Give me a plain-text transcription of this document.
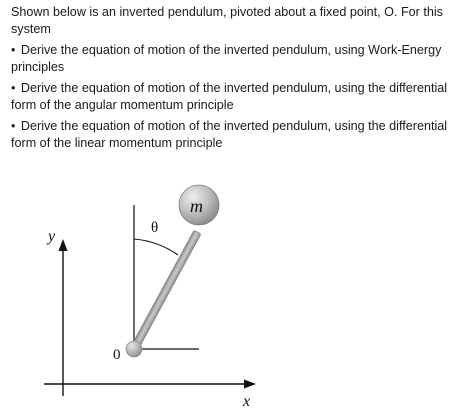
Shown below is an inverted pendulum, pivoted about a fixed point, O. For this system

• Derive the equation of motion of the inverted pendulum, using Work-Energy principles

• Derive the equation of motion of the inverted pendulum, using the differential form of the angular momentum principle

• Derive the equation of motion of the inverted pendulum, using the differential form of the linear momentum principle

x
y	θ
0
m
